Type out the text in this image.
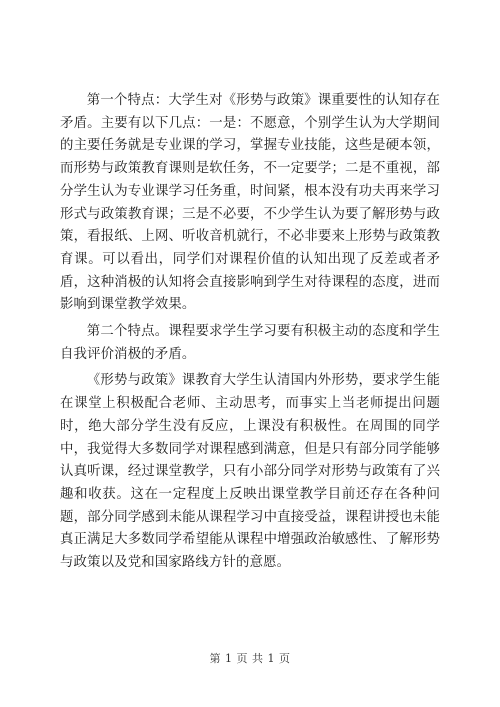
第一个特点：大学生对《形势与政策》课重要性的认知存在矛盾。主要有以下几点：一是：不愿意，个别学生认为大学期间的主要任务就是专业课的学习，掌握专业技能，这些是硬本领，而形势与政策教育课则是软任务，不一定要学；二是不重视，部分学生认为专业课学习任务重，时间紧，根本没有功夫再来学习形式与政策教育课；三是不必要，不少学生认为要了解形势与政策，看报纸、上网、听收音机就行，不必非要来上形势与政策教育课。可以看出，同学们对课程价值的认知出现了反差或者矛盾，这种消极的认知将会直接影响到学生对待课程的态度，进而影响到课堂教学效果。

第二个特点。课程要求学生学习要有积极主动的态度和学生自我评价消极的矛盾。

《形势与政策》课教育大学生认清国内外形势，要求学生能在课堂上积极配合老师、主动思考，而事实上当老师提出问题时，绝大部分学生没有反应，上课没有积极性。在周围的同学中，我觉得大多数同学对课程感到满意，但是只有部分同学能够认真听课，经过课堂教学，只有小部分同学对形势与政策有了兴趣和收获。这在一定程度上反映出课堂教学目前还存在各种问题，部分同学感到未能从课程学习中直接受益，课程讲授也未能真正满足大多数同学希望能从课程中增强政治敏感性、了解形势与政策以及党和国家路线方针的意愿。

第 1 页 共 1 页
